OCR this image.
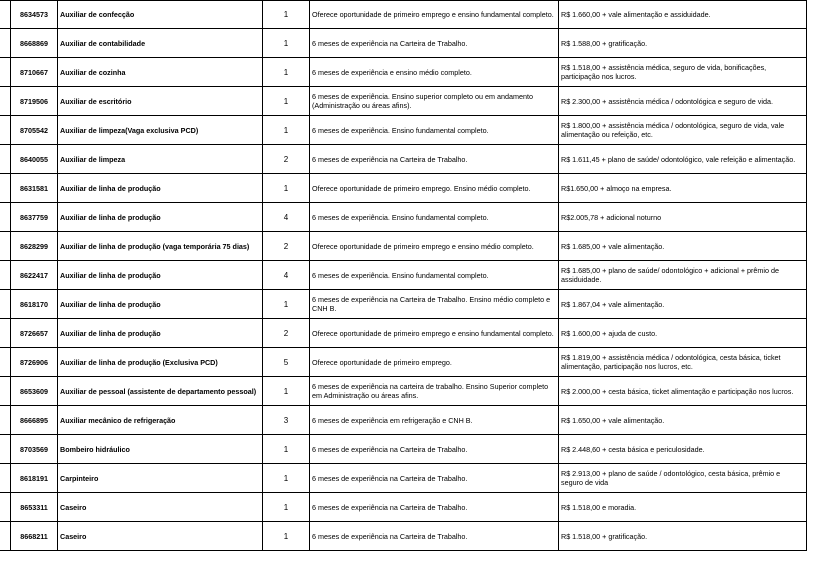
	8634573	Auxiliar de confecção	1	Oferece oportunidade de primeiro emprego e ensino fundamental completo.	R$ 1.660,00 + vale alimentação e assiduidade.
	8668869	Auxiliar de contabilidade	1	6 meses de experiência na Carteira de Trabalho.	R$ 1.588,00 + gratificação.
	8710667	Auxiliar de cozinha	1	6 meses de experiência e ensino médio completo.	R$ 1.518,00 + assistência médica, seguro de vida, bonificações, participação nos lucros.
	8719506	Auxiliar de escritório	1	6 meses de experiência. Ensino superior completo ou em andamento (Administração ou áreas afins).	R$ 2.300,00 + assistência médica / odontológica e seguro de vida.
	8705542	Auxiliar de limpeza(Vaga exclusiva PCD)	1	6 meses de experiência. Ensino fundamental completo.	R$ 1.800,00 + assistência médica / odontológica, seguro de vida, vale alimentação ou refeição, etc.
	8640055	Auxiliar de limpeza	2	6 meses de experiência na Carteira de Trabalho.	R$ 1.611,45 + plano de saúde/ odontológico, vale refeição e alimentação.
	8631581	Auxiliar de linha de produção	1	Oferece oportunidade de primeiro emprego. Ensino médio completo.	R$1.650,00 + almoço na empresa.
	8637759	Auxiliar de linha de produção	4	6 meses de experiência. Ensino fundamental completo.	R$2.005,78 + adicional noturno
	8628299	Auxiliar de linha de produção (vaga temporária 75 dias)	2	Oferece oportunidade de primeiro emprego e ensino médio completo.	R$ 1.685,00 + vale alimentação.
	8622417	Auxiliar de linha de produção	4	6 meses de experiência. Ensino fundamental completo.	R$ 1.685,00 + plano de saúde/ odontológico + adicional + prêmio de assiduidade.
	8618170	Auxiliar de linha de produção	1	6 meses de experiência na Carteira de Trabalho. Ensino médio completo e CNH B.	R$ 1.867,04 + vale alimentação.
	8726657	Auxiliar de linha de produção	2	Oferece oportunidade de primeiro emprego e ensino fundamental completo.	R$ 1.600,00 + ajuda de custo.
	8726906	Auxiliar de linha de produção (Exclusiva PCD)	5	Oferece oportunidade de primeiro emprego.	R$ 1.819,00 + assistência médica / odontológica, cesta básica, ticket alimentação, participação nos lucros, etc.
	8653609	Auxiliar de pessoal (assistente de departamento pessoal)	1	6 meses de experiência na carteira de trabalho. Ensino Superior completo em Administração ou áreas afins.	R$ 2.000,00 + cesta básica, ticket alimentação e participação nos lucros.
	8666895	Auxiliar mecânico de refrigeração	3	6 meses de experiência em refrigeração e CNH B.	R$ 1.650,00 + vale alimentação.
	8703569	Bombeiro hidráulico	1	6 meses de experiência na Carteira de Trabalho.	R$ 2.448,60 + cesta básica e periculosidade.
	8618191	Carpinteiro	1	6 meses de experiência na Carteira de Trabalho.	R$ 2.913,00 + plano de saúde / odontológico, cesta básica, prêmio e seguro de vida
	8653311	Caseiro	1	6 meses de experiência na Carteira de Trabalho.	R$ 1.518,00 e moradia.
	8668211	Caseiro	1	6 meses de experiência na Carteira de Trabalho.	R$ 1.518,00 + gratificação.
